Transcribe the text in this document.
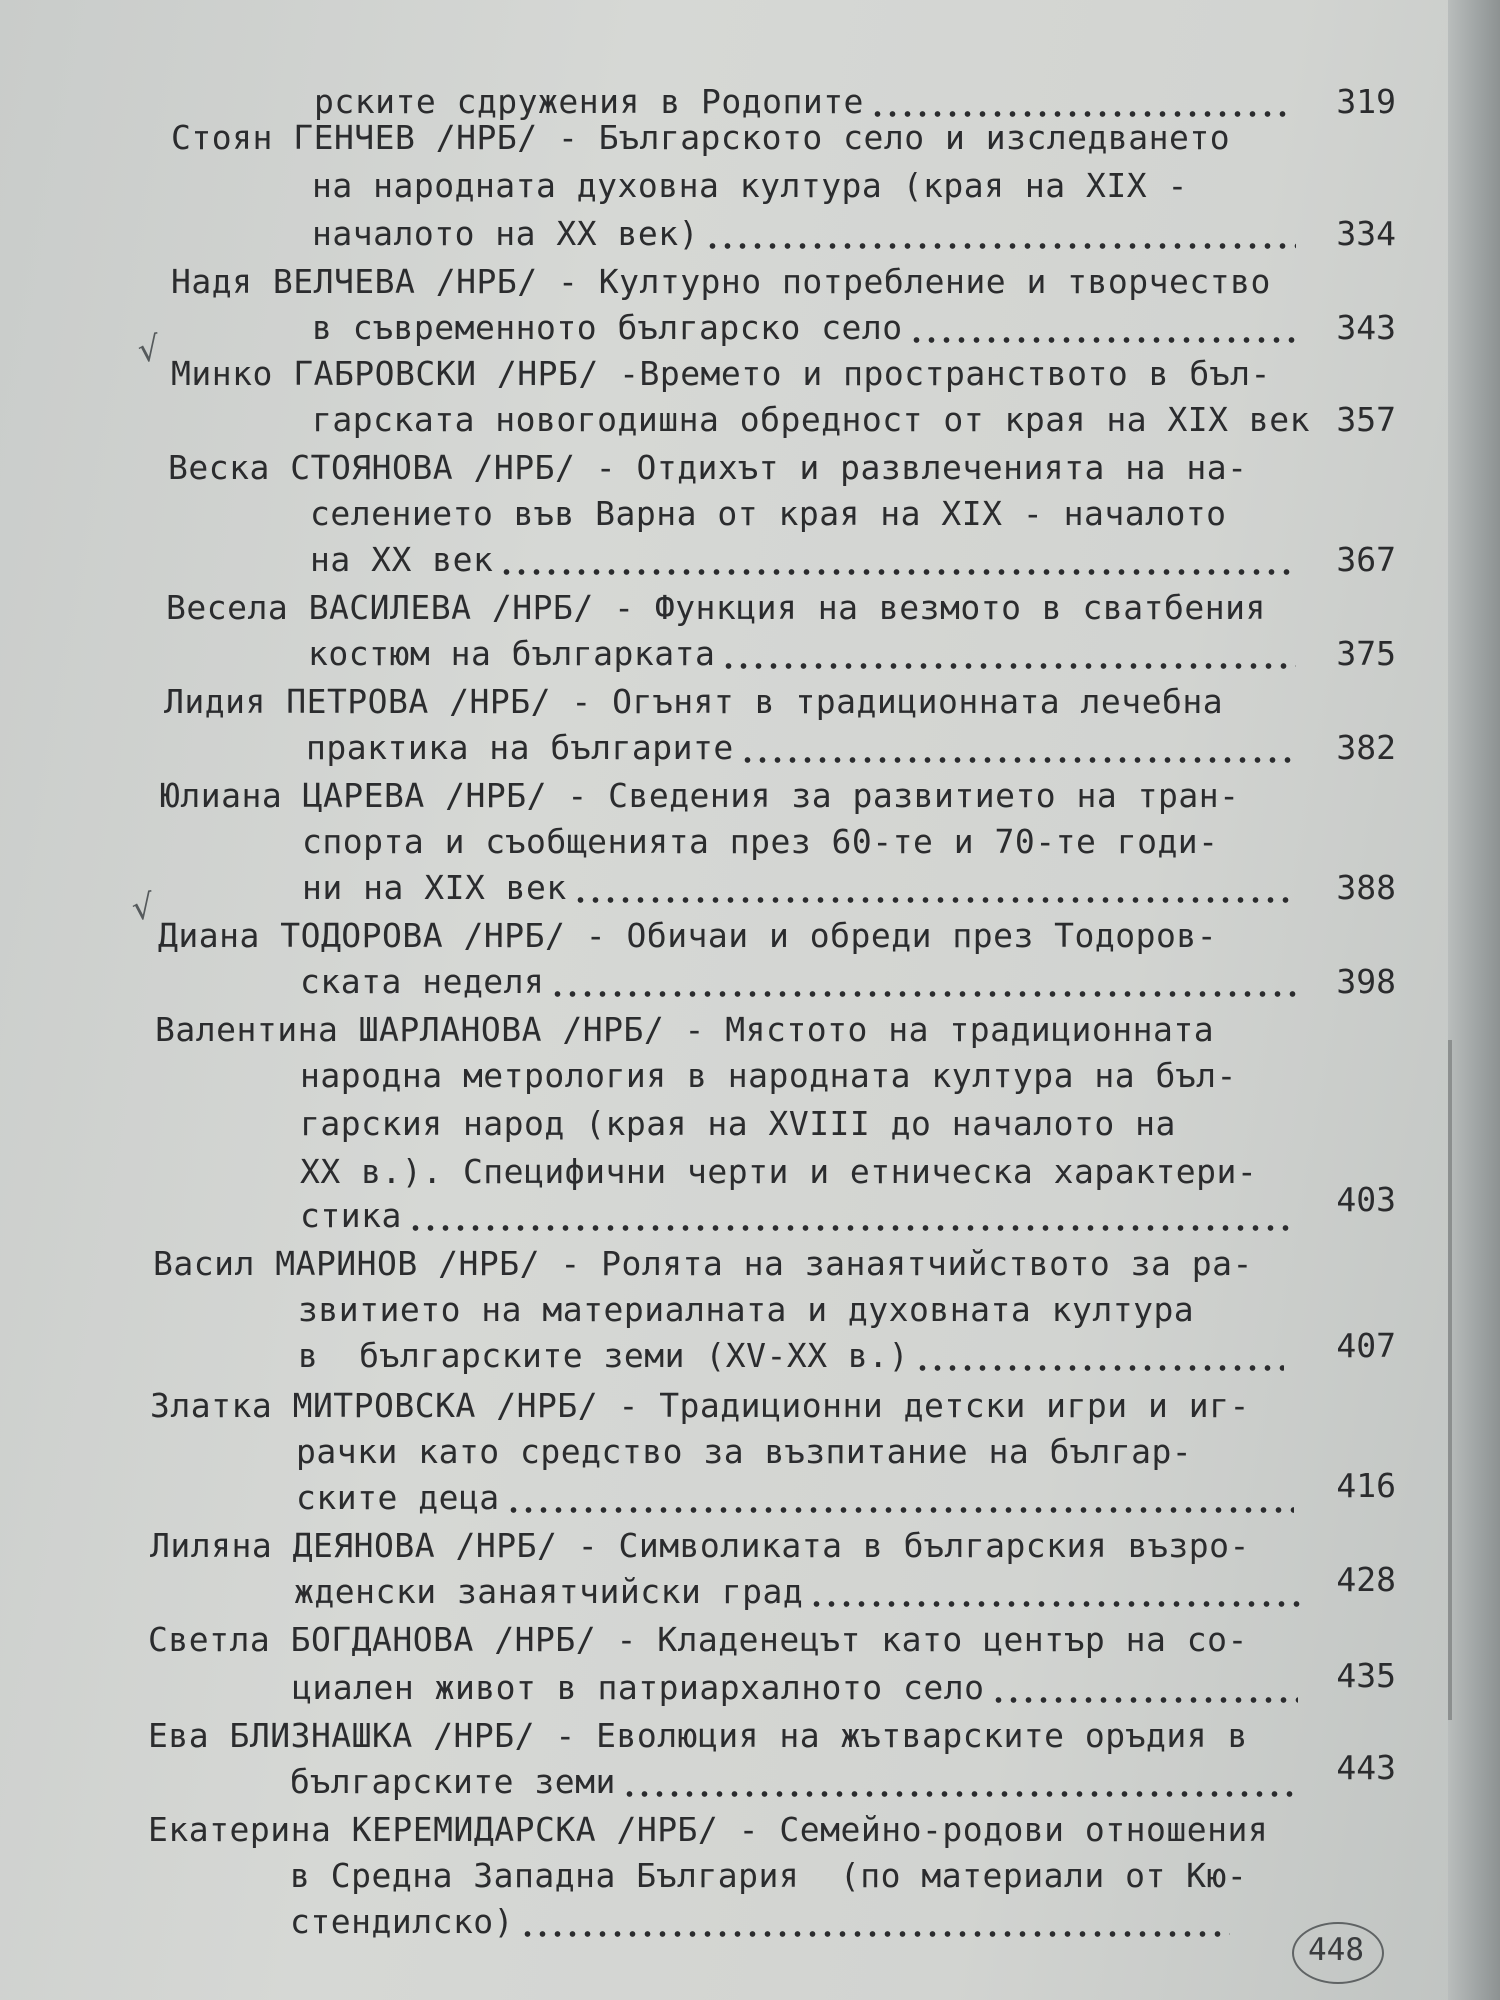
рските сдружения в Родопите	319
Стоян ГЕНЧЕВ /НРБ/ - Българското село и изследването
на народната духовна култура (края на XIX -
началото на XX век)	334
Надя ВЕЛЧЕВА /НРБ/ - Културно потребление и творчество
в съвременното българско село	343
Минко ГАБРОВСКИ /НРБ/ -Времето и пространството в бъл-
гарската новогодишна обредност от края на XIX век 357
Веска СТОЯНОВА /НРБ/ - Отдихът и развлеченията на на-
селението във Варна от края на XIX - началото
на XX век	367
Весела ВАСИЛЕВА /НРБ/ - Функция на везмото в сватбения
костюм на българката	375
Лидия ПЕТРОВА /НРБ/ - Огънят в традиционната лечебна
практика на българите	382
Юлиана ЦАРЕВА /НРБ/ - Сведения за развитието на тран-
спорта и съобщенията през 60-те и 70-те годи-
ни на XIX век	388
Диана ТОДОРОВА /НРБ/ - Обичаи и обреди през Тодоров-
ската неделя	398
Валентина ШАРЛАНОВА /НРБ/ - Мястото на традиционната
народна метрология в народната култура на бъл-
гарския народ (края на XVIII до началото на
XX в.). Специфични черти и етническа характери-
стика	403
Васил МАРИНОВ /НРБ/ - Ролята на занаятчийството за ра-
звитието на материалната и духовната култура
в  българските земи (XV-XX в.)	407
Златка МИТРОВСКА /НРБ/ - Традиционни детски игри и иг-
рачки като средство за възпитание на българ-
ските деца	416
Лиляна ДЕЯНОВА /НРБ/ - Символиката в българския възро-
жденски занаятчийски град	428
Светла БОГДАНОВА /НРБ/ - Кладенецът като център на со-
циален живот в патриархалното село	435
Ева БЛИЗНАШКА /НРБ/ - Еволюция на жътварските оръдия в
българските земи	443
Екатерина КЕРЕМИДАРСКА /НРБ/ - Семейно-родови отношения
в Средна Западна България  (по материали от Кю-
стендилско)
√
√
448
